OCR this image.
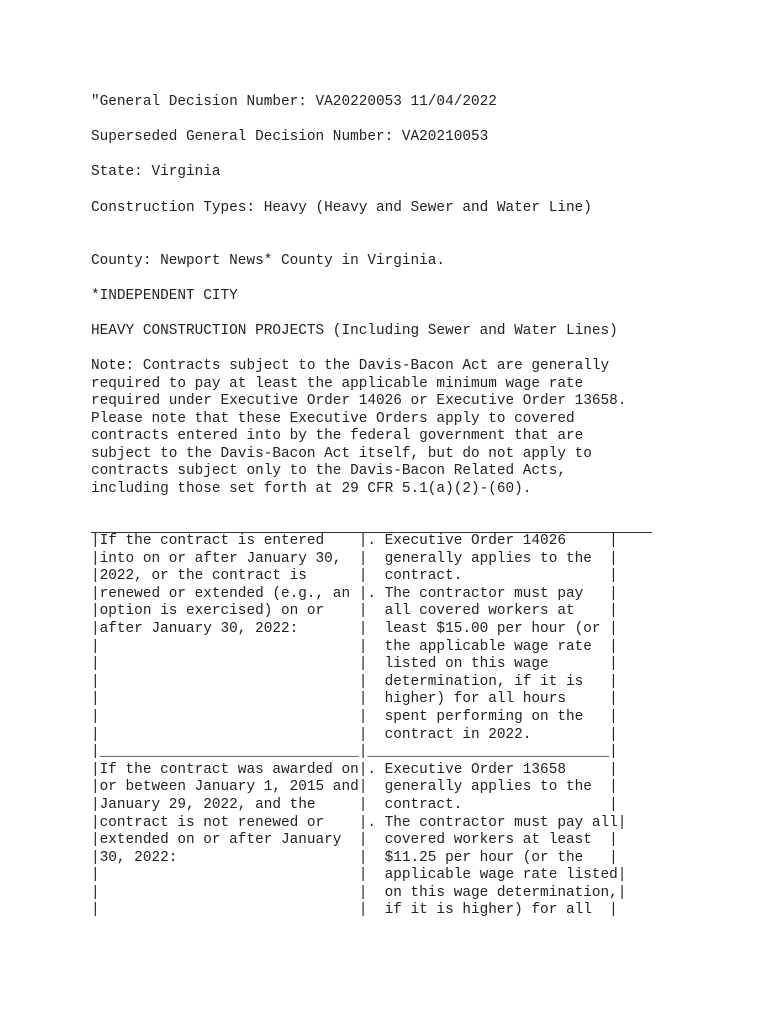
"General Decision Number: VA20220053 11/04/2022
Superseded General Decision Number: VA20210053
State: Virginia
Construction Types: Heavy (Heavy and Sewer and Water Line)
County: Newport News* County in Virginia.
*INDEPENDENT CITY
HEAVY CONSTRUCTION PROJECTS (Including Sewer and Water Lines)
Note: Contracts subject to the Davis-Bacon Act are generally
required to pay at least the applicable minimum wage rate
required under Executive Order 14026 or Executive Order 13658.
Please note that these Executive Orders apply to covered
contracts entered into by the federal government that are
subject to the Davis-Bacon Act itself, but do not apply to
contracts subject only to the Davis-Bacon Related Acts,
including those set forth at 29 CFR 5.1(a)(2)-(60).
|If the contract is entered    |. Executive Order 14026     |
|into on or after January 30,  |  generally applies to the  |
|2022, or the contract is      |  contract.                 |
|renewed or extended (e.g., an |. The contractor must pay   |
|option is exercised) on or    |  all covered workers at    |
|after January 30, 2022:       |  least $15.00 per hour (or |
|                              |  the applicable wage rate  |
|                              |  listed on this wage       |
|                              |  determination, if it is   |
|                              |  higher) for all hours     |
|                              |  spent performing on the   |
|                              |  contract in 2022.         |
|______________________________|____________________________|
|If the contract was awarded on|. Executive Order 13658     |
|or between January 1, 2015 and|  generally applies to the  |
|January 29, 2022, and the     |  contract.                 |
|contract is not renewed or    |. The contractor must pay all|
|extended on or after January  |  covered workers at least  |
|30, 2022:                     |  $11.25 per hour (or the   |
|                              |  applicable wage rate listed|
|                              |  on this wage determination,|
|                              |  if it is higher) for all  |
